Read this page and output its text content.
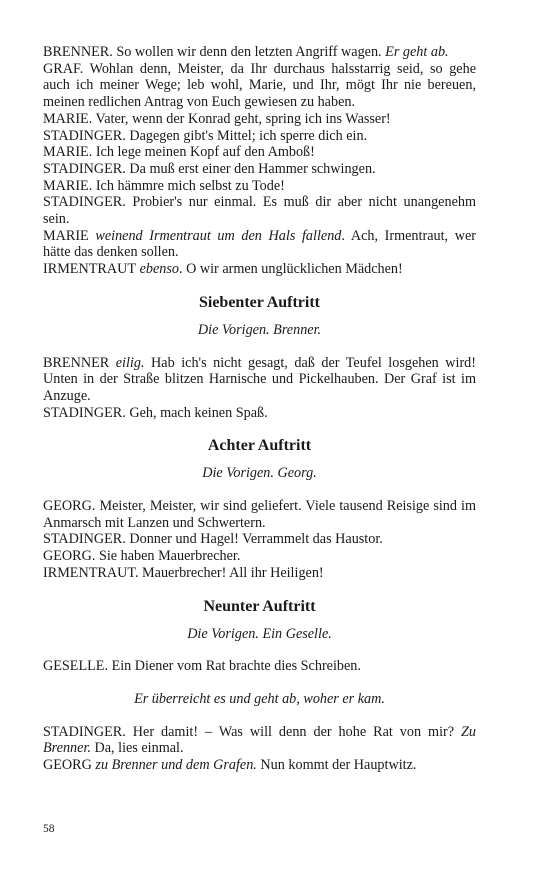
BRENNER. So wollen wir denn den letzten Angriff wagen. Er geht ab.

GRAF. Wohlan denn, Meister, da Ihr durchaus halsstarrig seid, so gehe auch ich meiner Wege; leb wohl, Marie, und Ihr, mögt Ihr nie bereuen, meinen redlichen Antrag von Euch gewiesen zu haben.

MARIE. Vater, wenn der Konrad geht, spring ich ins Wasser!

STADINGER. Dagegen gibt's Mittel; ich sperre dich ein.

MARIE. Ich lege meinen Kopf auf den Amboß!

STADINGER. Da muß erst einer den Hammer schwingen.

MARIE. Ich hämmre mich selbst zu Tode!

STADINGER. Probier's nur einmal. Es muß dir aber nicht unangenehm sein.

MARIE weinend Irmentraut um den Hals fallend. Ach, Irmentraut, wer hätte das denken sollen.

IRMENTRAUT ebenso. O wir armen unglücklichen Mädchen!

Siebenter Auftritt

Die Vorigen. Brenner.

BRENNER eilig. Hab ich's nicht gesagt, daß der Teufel losgehen wird! Unten in der Straße blitzen Harnische und Pickelhauben. Der Graf ist im Anzuge.

STADINGER. Geh, mach keinen Spaß.

Achter Auftritt

Die Vorigen. Georg.

GEORG. Meister, Meister, wir sind geliefert. Viele tausend Reisige sind im Anmarsch mit Lanzen und Schwertern.

STADINGER. Donner und Hagel! Verrammelt das Haustor.

GEORG. Sie haben Mauerbrecher.

IRMENTRAUT. Mauerbrecher! All ihr Heiligen!

Neunter Auftritt

Die Vorigen. Ein Geselle.

GESELLE. Ein Diener vom Rat brachte dies Schreiben.

Er überreicht es und geht ab, woher er kam.

STADINGER. Her damit! – Was will denn der hohe Rat von mir? Zu Brenner. Da, lies einmal.

GEORG zu Brenner und dem Grafen. Nun kommt der Hauptwitz.

58
